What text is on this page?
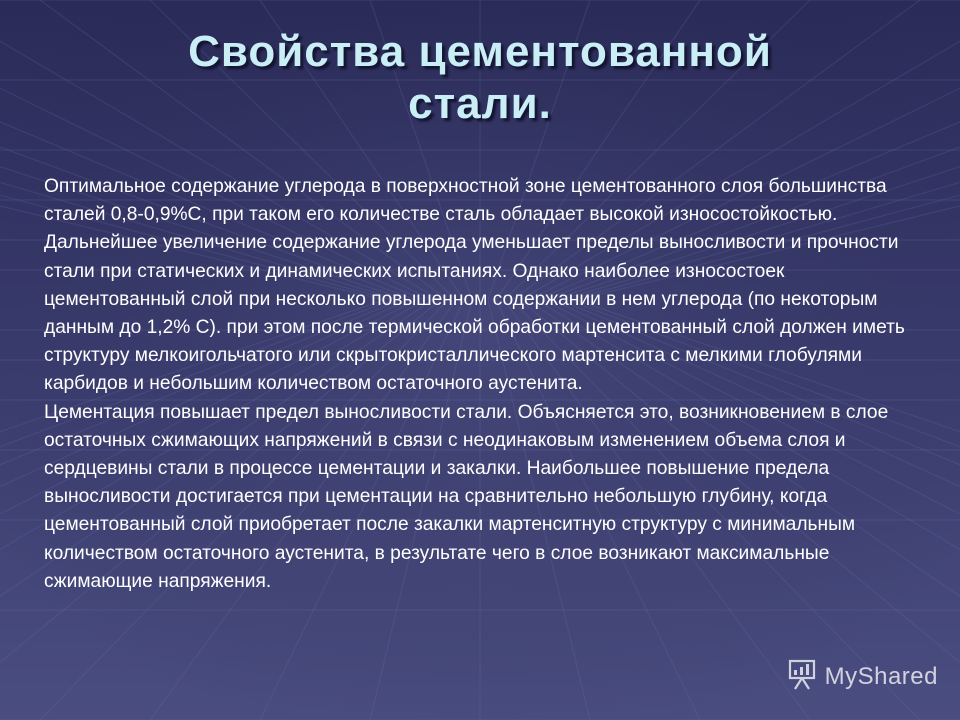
Свойства цементованной
стали.

Оптимальное содержание углерода в поверхностной зоне цементованного слоя большинства сталей 0,8-0,9%С, при таком его количестве сталь обладает высокой износостойкостью. Дальнейшее увеличение содержание углерода уменьшает пределы выносливости и прочности стали при статических и динамических испытаниях. Однако наиболее износостоек цементованный слой при несколько повышенном содержании в нем углерода (по некоторым данным до 1,2% С). при этом после термической обработки цементованный слой должен иметь структуру мелкоигольчатого или скрытокристаллического мартенсита с мелкими глобулями карбидов и небольшим количеством остаточного аустенита.

Цементация повышает предел выносливости стали. Объясняется это, возникновением в слое остаточных сжимающих напряжений в связи с неодинаковым изменением объема слоя и сердцевины стали в процессе цементации и закалки. Наибольшее повышение предела выносливости достигается при цементации на сравнительно небольшую глубину, когда цементованный слой приобретает после закалки мартенситную структуру с минимальным количеством остаточного аустенита, в результате чего в слое возникают максимальные сжимающие напряжения.

MyShared
